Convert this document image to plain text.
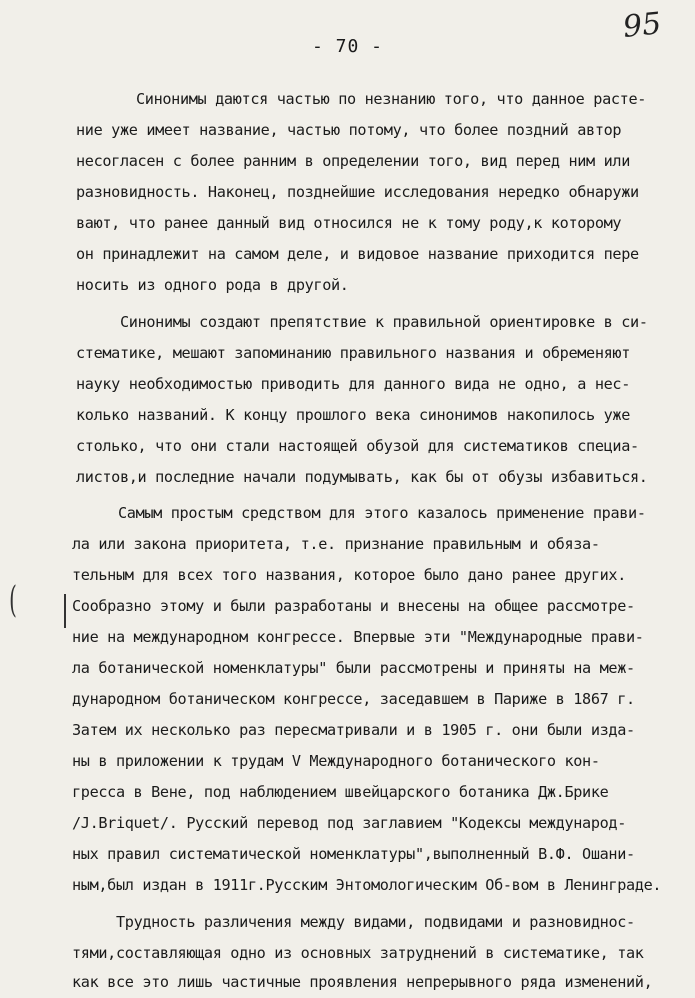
95
- 70 -
(
Синонимы даются частью по незнанию того, что данное расте-
ние уже имеет название, частью потому, что более поздний автор
несогласен с более ранним в определении того, вид перед ним или
разновидность. Наконец, позднейшие исследования нередко обнаружи
вают, что ранее данный вид относился не к тому роду,к которому
он принадлежит на самом деле, и видовое название приходится пере
носить из одного рода в другой.
Синонимы создают препятствие к правильной ориентировке в си-
стематике, мешают запоминанию правильного названия и обременяют
науку необходимостью приводить для данного вида не одно, а нес-
колько названий. К концу прошлого века синонимов накопилось уже
столько, что они стали настоящей обузой для систематиков специа-
листов,и последние начали подумывать, как бы от обузы избавиться.
Самым простым средством для этого казалось применение прави-
ла или закона приоритета, т.е. признание правильным и обяза-
тельным для всех того названия, которое было дано ранее других.
Сообразно этому и были разработаны и внесены на общее рассмотре-
ние на международном конгрессе. Впервые эти "Международные прави-
ла ботанической номенклатуры" были рассмотрены и приняты на меж-
дународном ботаническом конгрессе, заседавшем в Париже в 1867 г.
Затем их несколько раз пересматривали и в 1905 г. они были изда-
ны в приложении к трудам V Международного ботанического кон-
гресса в Вене, под наблюдением швейцарского ботаника Дж.Брике
/J.Briquet/. Русский перевод под заглавием "Кодексы международ-
ных правил систематической номенклатуры",выполненный В.Ф. Ошани-
ным,был издан в 1911г.Русским Энтомологическим Об-вом в Ленинграде.
Трудность различения между видами, подвидами и разновиднос-
тями,составляющая одно из основных затруднений в систематике, так
как все это лишь частичные проявления непрерывного ряда изменений,
